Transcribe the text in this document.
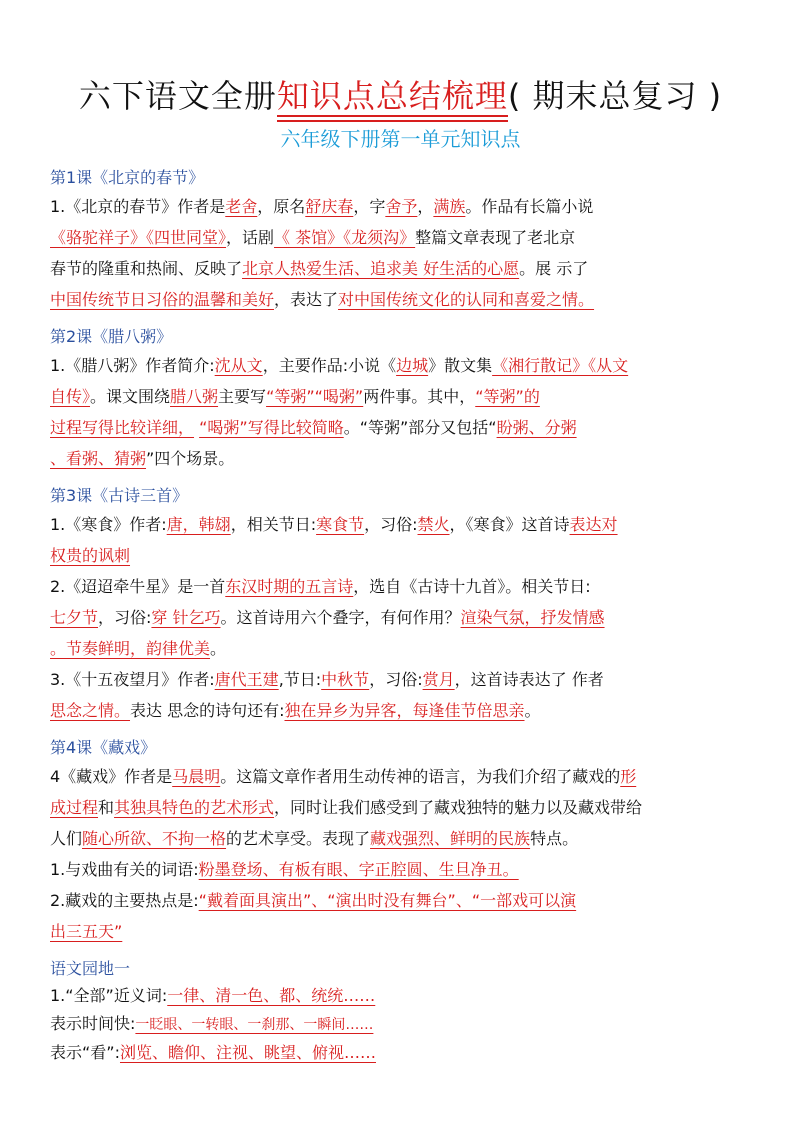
六下语文全册知识点总结梳理( 期末总复习 )
六年级下册第一单元知识点
第1课《北京的春节》

1.《北京的春节》作者是老舍，原名舒庆春，字舍予，满族。作品有长篇小说
《骆驼祥子》《四世同堂》，话剧《 茶馆》《龙须沟》整篇文章表现了老北京
春节的隆重和热闹、反映了北京人热爱生活、追求美 好生活的心愿。展 示了
中国传统节日习俗的温馨和美好，表达了对中国传统文化的认同和喜爱之情。

第2课《腊八粥》

1.《腊八粥》作者简介:沈从文，主要作品:小说《边城》散文集《湘行散记》《从文
自传》。课文围绕腊八粥主要写“等粥”“喝粥”两件事。其中，“等粥”的
过程写得比较详细， “喝粥”写得比较简略。“等粥”部分又包括“盼粥、分粥
、看粥、猜粥”四个场景。

第3课《古诗三首》

1.《寒食》作者:唐，韩翃，相关节日:寒食节，习俗:禁火，《寒食》这首诗表达对
权贵的讽刺

2.《迢迢牵牛星》是一首东汉时期的五言诗，选自《古诗十九首》。相关节日:
七夕节，习俗:穿 针乞巧。这首诗用六个叠字，有何作用？渲染气氛，抒发情感
。节奏鲜明，韵律优美。

3.《十五夜望月》作者:唐代王建,节日:中秋节，习俗:赏月，这首诗表达了 作者
思念之情。表达 思念的诗句还有:独在异乡为异客，每逢佳节倍思亲。

第4课《藏戏》

4《藏戏》作者是马晨明。这篇文章作者用生动传神的语言，为我们介绍了藏戏的形
成过程和其独具特色的艺术形式，同时让我们感受到了藏戏独特的魅力以及藏戏带给
人们随心所欲、不拘一格的艺术享受。表现了藏戏强烈、鲜明的民族特点。

1.与戏曲有关的词语:粉墨登场、有板有眼、字正腔圆、生旦净丑。

2.藏戏的主要热点是:“戴着面具演出”、“演出时没有舞台”、“一部戏可以演
出三五天”

语文园地一

1.“全部”近义词:一律、清一色、都、统统……

表示时间快:一眨眼、一转眼、一刹那、一瞬间……

表示“看”:浏览、瞻仰、注视、眺望、俯视……
